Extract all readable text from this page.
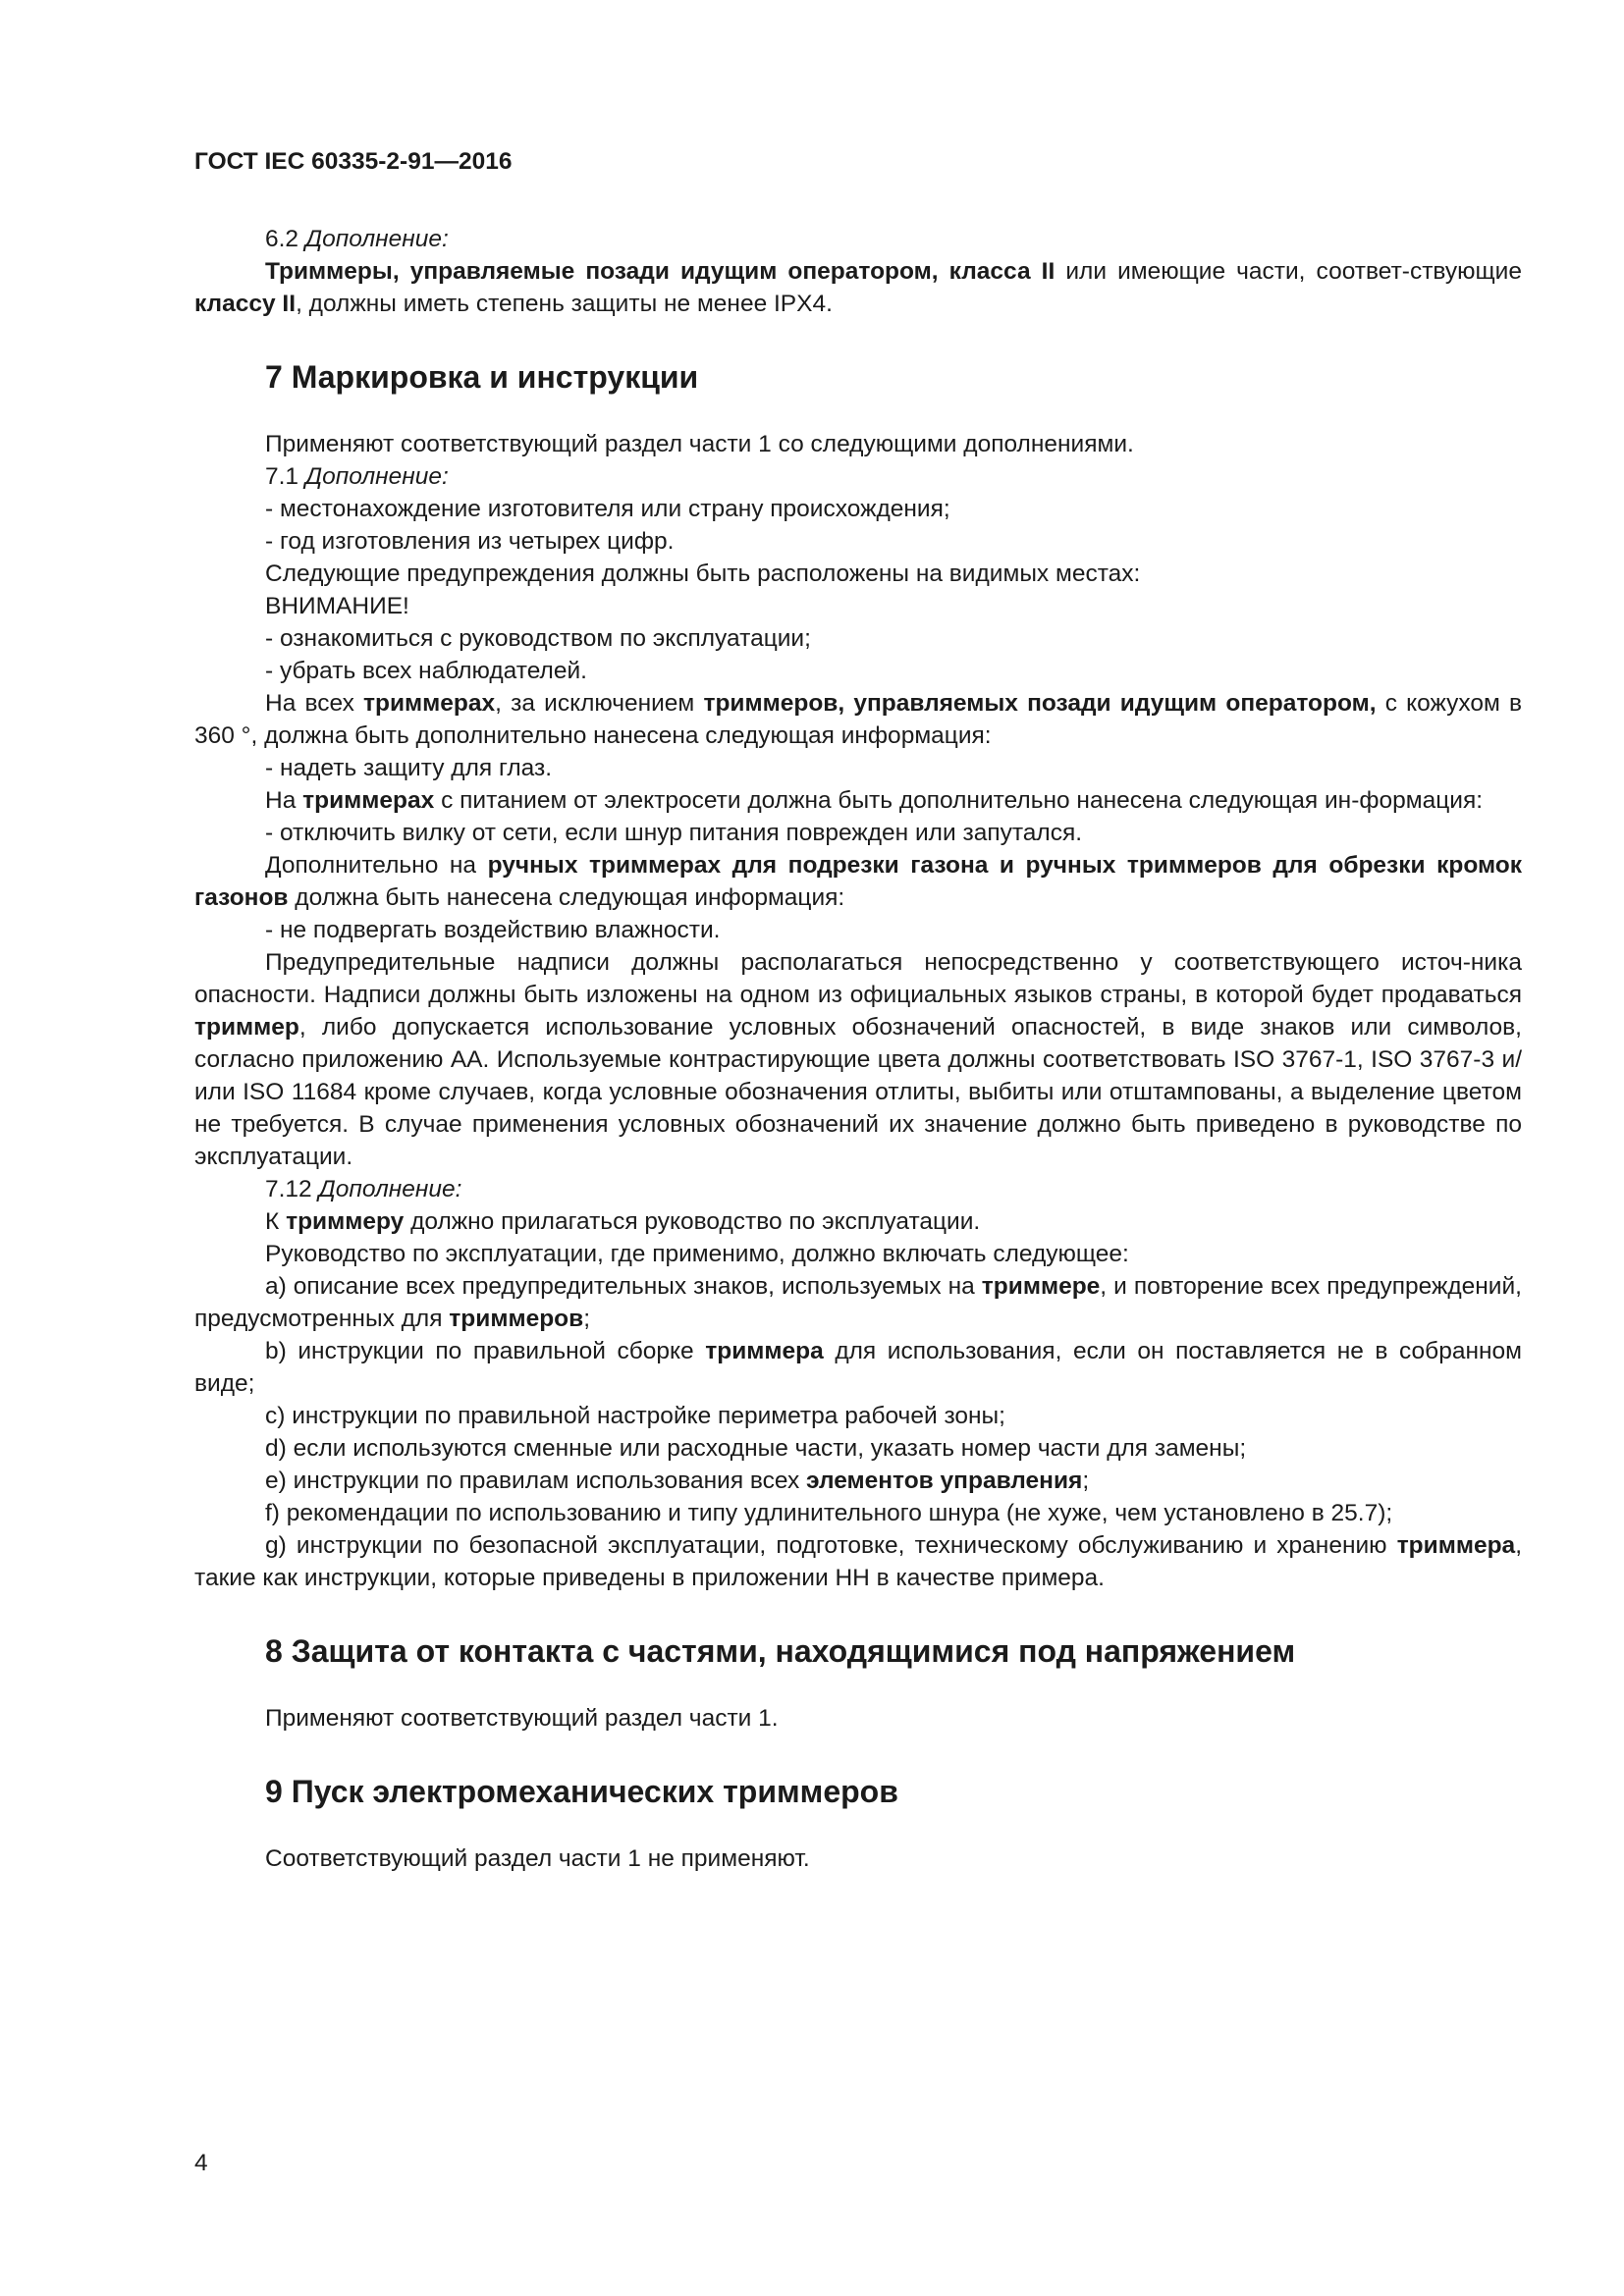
ГОСТ IEC 60335-2-91—2016

6.2 Дополнение:

Триммеры, управляемые позади идущим оператором, класса II или имеющие части, соответ-ствующие классу II, должны иметь степень защиты не менее IPX4.

7 Маркировка и инструкции

Применяют соответствующий раздел части 1 со следующими дополнениями.

7.1 Дополнение:

- местонахождение изготовителя или страну происхождения;

- год изготовления из четырех цифр.

Следующие предупреждения должны быть расположены на видимых местах:

ВНИМАНИЕ!

- ознакомиться с руководством по эксплуатации;

- убрать всех наблюдателей.

На всех триммерах, за исключением триммеров, управляемых позади идущим оператором, с кожухом в 360 °, должна быть дополнительно нанесена следующая информация:

- надеть защиту для глаз.

На триммерах с питанием от электросети должна быть дополнительно нанесена следующая ин-формация:

- отключить вилку от сети, если шнур питания поврежден или запутался.

Дополнительно на ручных триммерах для подрезки газона и ручных триммеров для обрезки кромок газонов должна быть нанесена следующая информация:

- не подвергать воздействию влажности.

Предупредительные надписи должны располагаться непосредственно у соответствующего источ-ника опасности. Надписи должны быть изложены на одном из официальных языков страны, в которой будет продаваться триммер, либо допускается использование условных обозначений опасностей, в виде знаков или символов, согласно приложению АА. Используемые контрастирующие цвета должны соответствовать ISO 3767-1, ISO 3767-3 и/или ISO 11684 кроме случаев, когда условные обозначения отлиты, выбиты или отштампованы, а выделение цветом не требуется. В случае применения условных обозначений их значение должно быть приведено в руководстве по эксплуатации.

7.12 Дополнение:

К триммеру должно прилагаться руководство по эксплуатации.

Руководство по эксплуатации, где применимо, должно включать следующее:

а) описание всех предупредительных знаков, используемых на триммере, и повторение всех предупреждений, предусмотренных для триммеров;

b) инструкции по правильной сборке триммера для использования, если он поставляется не в собранном виде;

с) инструкции по правильной настройке периметра рабочей зоны;

d) если используются сменные или расходные части, указать номер части для замены;

e) инструкции по правилам использования всех элементов управления;

f) рекомендации по использованию и типу удлинительного шнура (не хуже, чем установлено в 25.7);

g) инструкции по безопасной эксплуатации, подготовке, техническому обслуживанию и хранению триммера, такие как инструкции, которые приведены в приложении НН в качестве примера.

8 Защита от контакта с частями, находящимися под напряжением

Применяют соответствующий раздел части 1.

9 Пуск электромеханических триммеров

Соответствующий раздел части 1 не применяют.

4
